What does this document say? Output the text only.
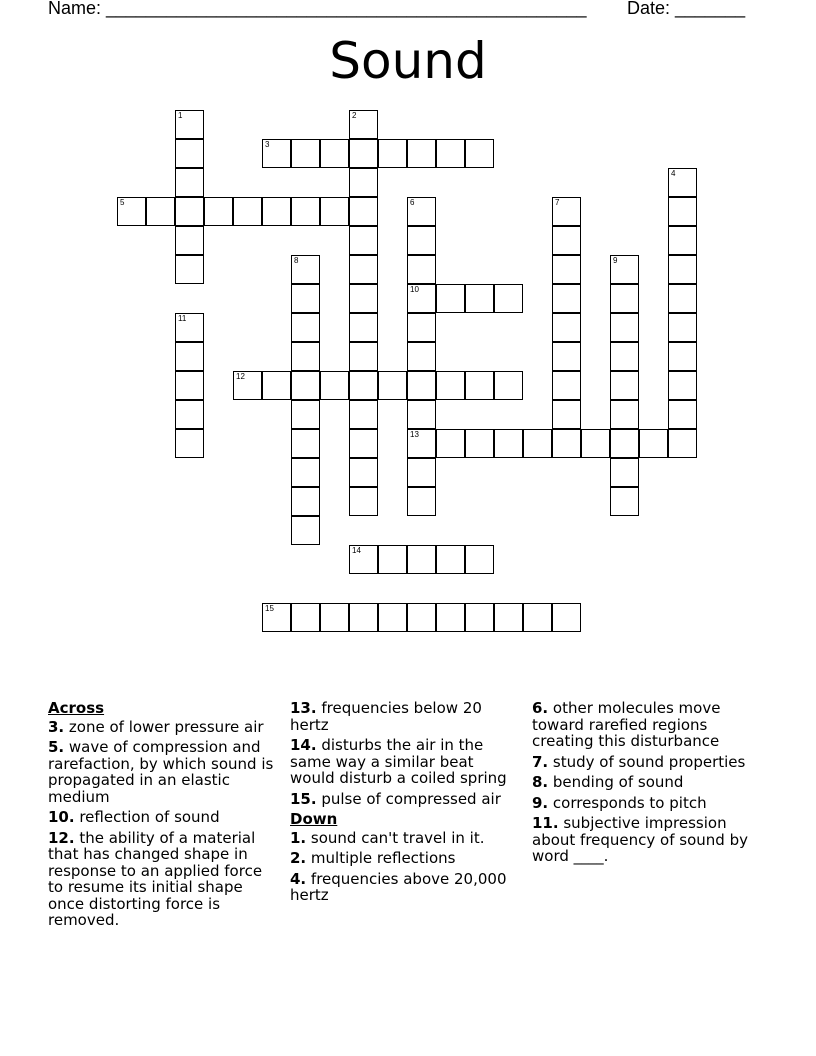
Name: ________________________________________________ Date: _______
Sound
1	2
3
4
5	6
10
13
7
8	9
11
12
14
15
Across
3. zone of lower pressure air
5. wave of compression and rarefaction, by which sound is propagated in an elastic medium
10. reflection of sound
12. the ability of a material that has changed shape in response to an applied force to resume its initial shape once distorting force is removed.
13. frequencies below 20 hertz
14. disturbs the air in the same way a similar beat would disturb a coiled spring
15. pulse of compressed air
Down
1. sound can't travel in it.
2. multiple reflections
4. frequencies above 20,000 hertz
6. other molecules move toward rarefied regions creating this disturbance
7. study of sound properties
8. bending of sound
9. corresponds to pitch
11. subjective impression about frequency of sound by word ____.
